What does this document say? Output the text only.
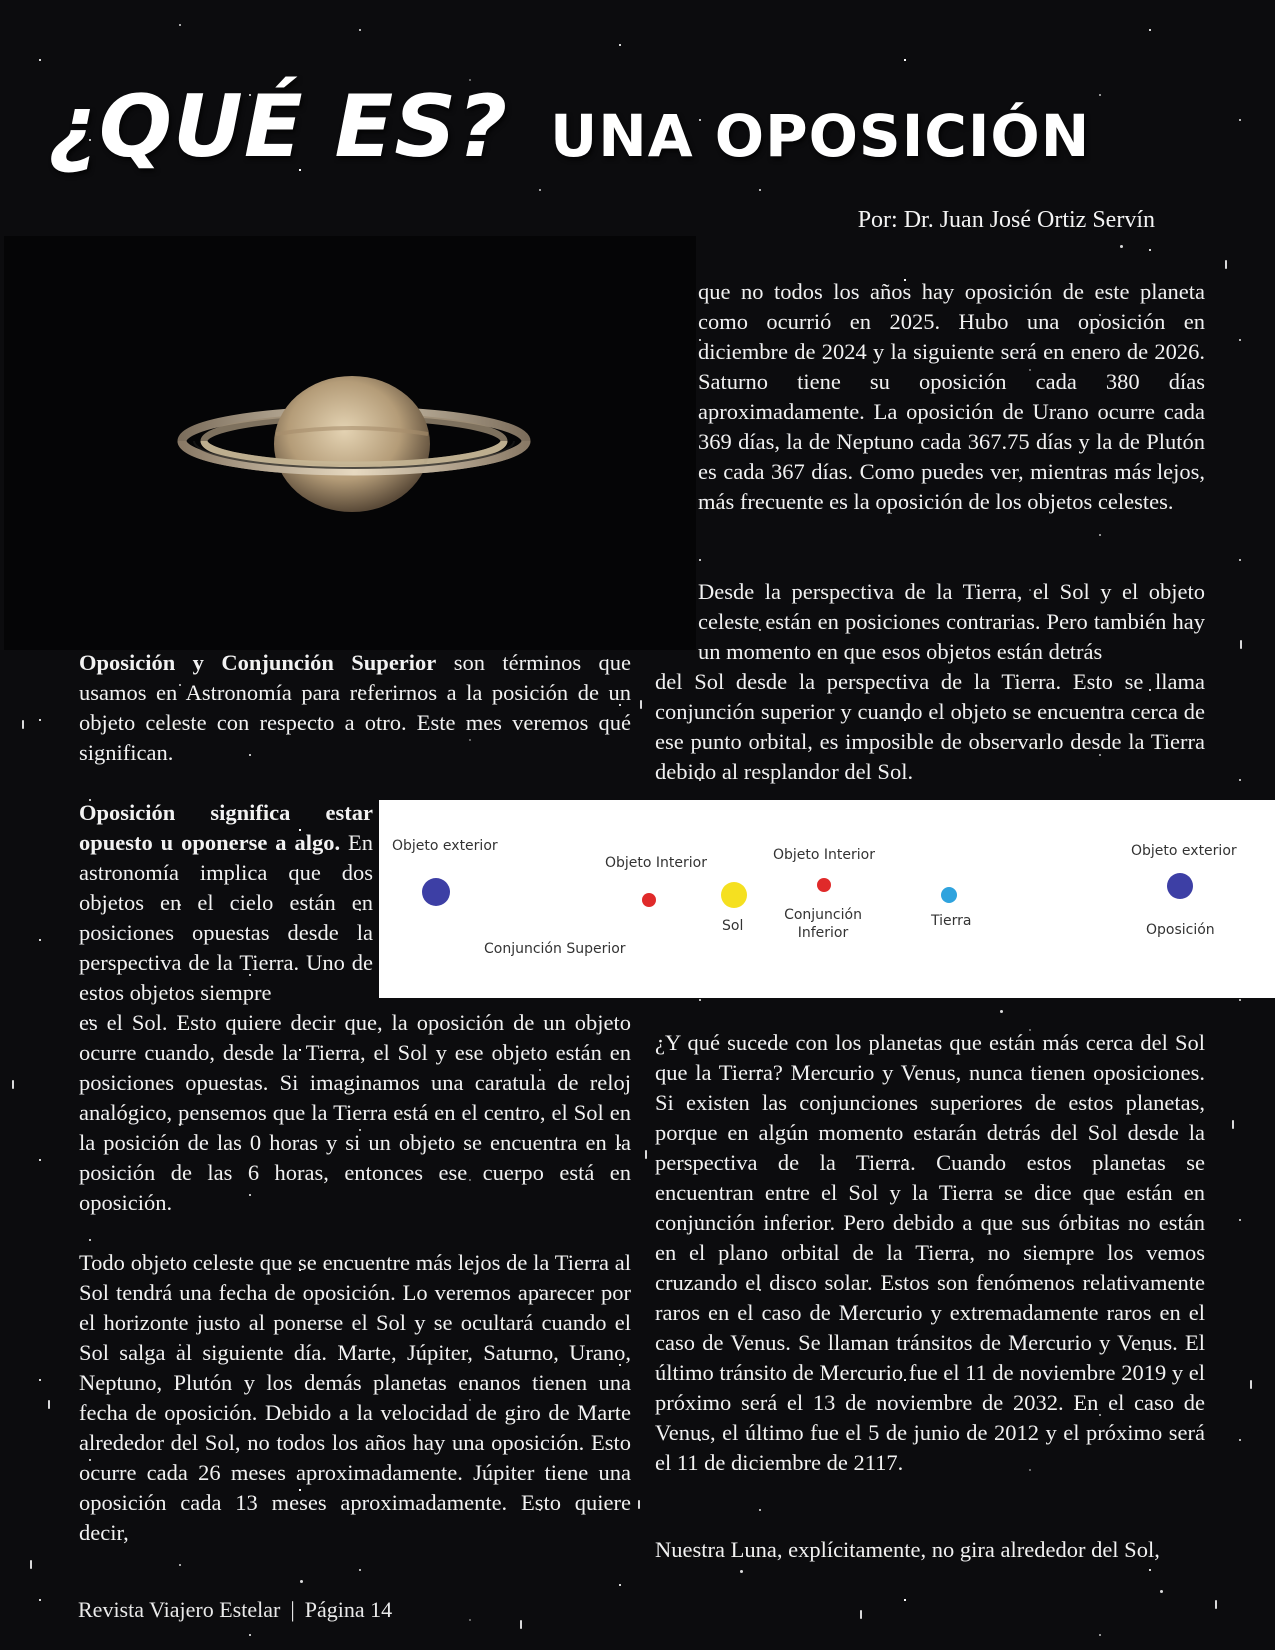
¿QUÉ ES? UNA OPOSICIÓN
Por: Dr. Juan José Ortiz Servín

Oposición y Conjunción Superior son términos que usamos en Astronomía para referirnos a la posición de un objeto celeste con respecto a otro. Este mes veremos qué significan.

Oposición significa estar opuesto u oponerse a algo. En astronomía implica que dos objetos en el cielo están en posiciones opuestas desde la perspectiva de la Tierra. Uno de estos objetos siempre

es el Sol. Esto quiere decir que, la oposición de un objeto ocurre cuando, desde la Tierra, el Sol y ese objeto están en posiciones opuestas. Si imaginamos una caratula de reloj analógico, pensemos que la Tierra está en el centro, el Sol en la posición de las 0 horas y si un objeto se encuentra en la posición de las 6 horas, entonces ese cuerpo está en oposición.

Todo objeto celeste que se encuentre más lejos de la Tierra al Sol tendrá una fecha de oposición. Lo veremos aparecer por el horizonte justo al ponerse el Sol y se ocultará cuando el Sol salga al siguiente día. Marte, Júpiter, Saturno, Urano, Neptuno, Plutón y los demás planetas enanos tienen una fecha de oposición. Debido a la velocidad de giro de Marte alrededor del Sol, no todos los años hay una oposición. Esto ocurre cada 26 meses aproximadamente. Júpiter tiene una oposición cada 13 meses aproximadamente. Esto quiere decir,

que no todos los años hay oposición de este planeta como ocurrió en 2025. Hubo una oposición en diciembre de 2024 y la siguiente será en enero de 2026. Saturno tiene su oposición cada 380 días aproximadamente. La oposición de Urano ocurre cada 369 días, la de Neptuno cada 367.75 días y la de Plutón es cada 367 días. Como puedes ver, mientras más lejos, más frecuente es la oposición de los objetos celestes.

Desde la perspectiva de la Tierra, el Sol y el objeto celeste están en posiciones contrarias. Pero también hay un momento en que esos objetos están detrás

del Sol desde la perspectiva de la Tierra. Esto se llama conjunción superior y cuando el objeto se encuentra cerca de ese punto orbital, es imposible de observarlo desde la Tierra debido al resplandor del Sol.

Objeto exterior
Conjunción Superior
Objeto Interior
Sol
Objeto Interior
Conjunción Inferior
Tierra
Objeto exterior
Oposición

¿Y qué sucede con los planetas que están más cerca del Sol que la Tierra? Mercurio y Venus, nunca tienen oposiciones. Si existen las conjunciones superiores de estos planetas, porque en algún momento estarán detrás del Sol desde la perspectiva de la Tierra. Cuando estos planetas se encuentran entre el Sol y la Tierra se dice que están en conjunción inferior. Pero debido a que sus órbitas no están en el plano orbital de la Tierra, no siempre los vemos cruzando el disco solar. Estos son fenómenos relativamente raros en el caso de Mercurio y extremadamente raros en el caso de Venus. Se llaman tránsitos de Mercurio y Venus. El último tránsito de Mercurio fue el 11 de noviembre 2019 y el próximo será el 13 de noviembre de 2032. En el caso de Venus, el último fue el 5 de junio de 2012 y el próximo será el 11 de diciembre de 2117.

Nuestra Luna, explícitamente, no gira alrededor del Sol,

Revista Viajero Estelar | Página 14
